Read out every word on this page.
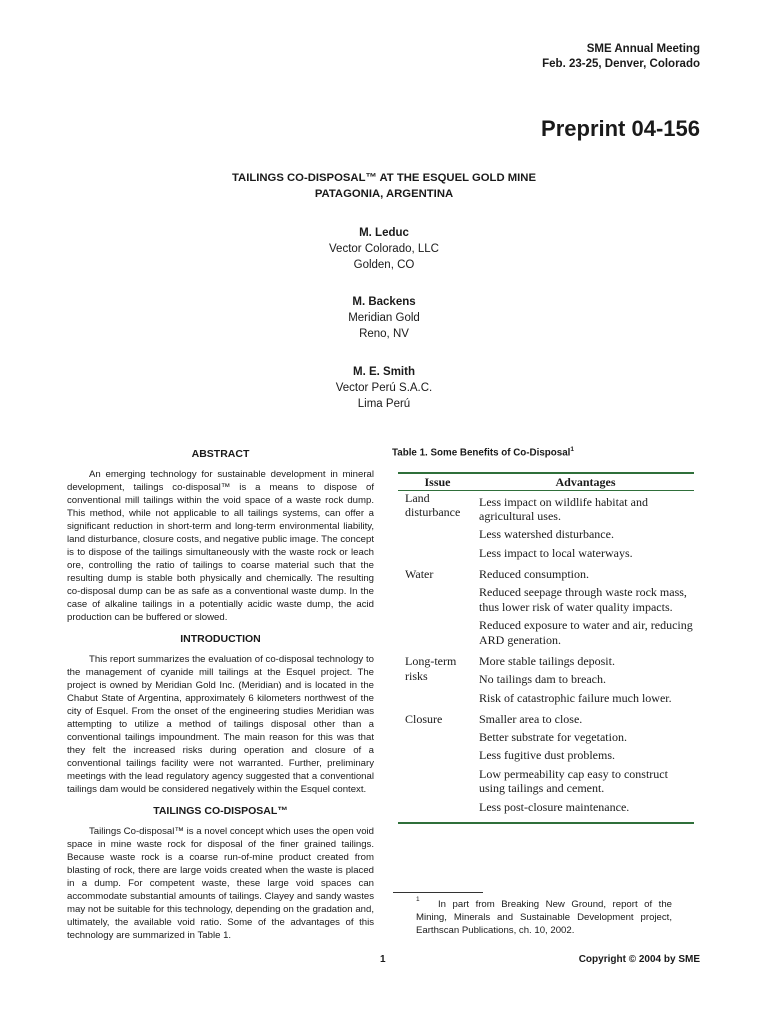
SME Annual Meeting
Feb. 23-25, Denver, Colorado
Preprint 04-156
TAILINGS CO-DISPOSAL™ AT THE ESQUEL GOLD MINE
PATAGONIA, ARGENTINA
M. Leduc
Vector Colorado, LLC
Golden, CO
M. Backens
Meridian Gold
Reno, NV
M. E. Smith
Vector Perú S.A.C.
Lima Perú
ABSTRACT

An emerging technology for sustainable development in mineral development, tailings co-disposal™ is a means to dispose of conventional mill tailings within the void space of a waste rock dump. This method, while not applicable to all tailings systems, can offer a significant reduction in short-term and long-term environmental liability, land disturbance, closure costs, and negative public image. The concept is to dispose of the tailings simultaneously with the waste rock or leach ore, controlling the ratio of tailings to coarse material such that the resulting dump is stable both physically and chemically. The resulting co-disposal dump can be as safe as a conventional waste dump. In the case of alkaline tailings in a potentially acidic waste dump, the acid production can be buffered or slowed.

INTRODUCTION

This report summarizes the evaluation of co-disposal technology to the management of cyanide mill tailings at the Esquel project. The project is owned by Meridian Gold Inc. (Meridian) and is located in the Chabut State of Argentina, approximately 6 kilometers northwest of the city of Esquel. From the onset of the engineering studies Meridian was attempting to utilize a method of tailings disposal other than a conventional tailings impoundment. The main reason for this was that they felt the increased risks during operation and closure of a conventional tailings facility were not warranted. Further, preliminary meetings with the lead regulatory agency suggested that a conventional tailings dam would be considered negatively within the Esquel context.

TAILINGS CO-DISPOSAL™

Tailings Co-disposal™ is a novel concept which uses the open void space in mine waste rock for disposal of the finer grained tailings. Because waste rock is a coarse run-of-mine product created from blasting of rock, there are large voids created when the waste is placed in a dump. For competent waste, these large void spaces can accommodate substantial amounts of tailings. Clayey and sandy wastes may not be suitable for this technology, depending on the gradation and, ultimately, the available void ratio. Some of the advantages of this technology are summarized in Table 1.

Table 1. Some Benefits of Co-Disposal$^1$
Issue	Advantages
Land disturbance	Less impact on wildlife habitat and agricultural uses.
	Less watershed disturbance.
	Less impact to local waterways.
Water	Reduced consumption.
	Reduced seepage through waste rock mass, thus lower risk of water quality impacts.
	Reduced exposure to water and air, reducing ARD generation.
Long-term risks	More stable tailings deposit.
	No tailings dam to breach.
	Risk of catastrophic failure much lower.
Closure	Smaller area to close.
	Better substrate for vegetation.
	Less fugitive dust problems.
	Low permeability cap easy to construct using tailings and cement.
	Less post-closure maintenance.

In part from Breaking New Ground, report of the Mining, Minerals and Sustainable Development project, Earthscan Publications, ch. 10, 2002.

1
1	Copyright © 2004 by SME
